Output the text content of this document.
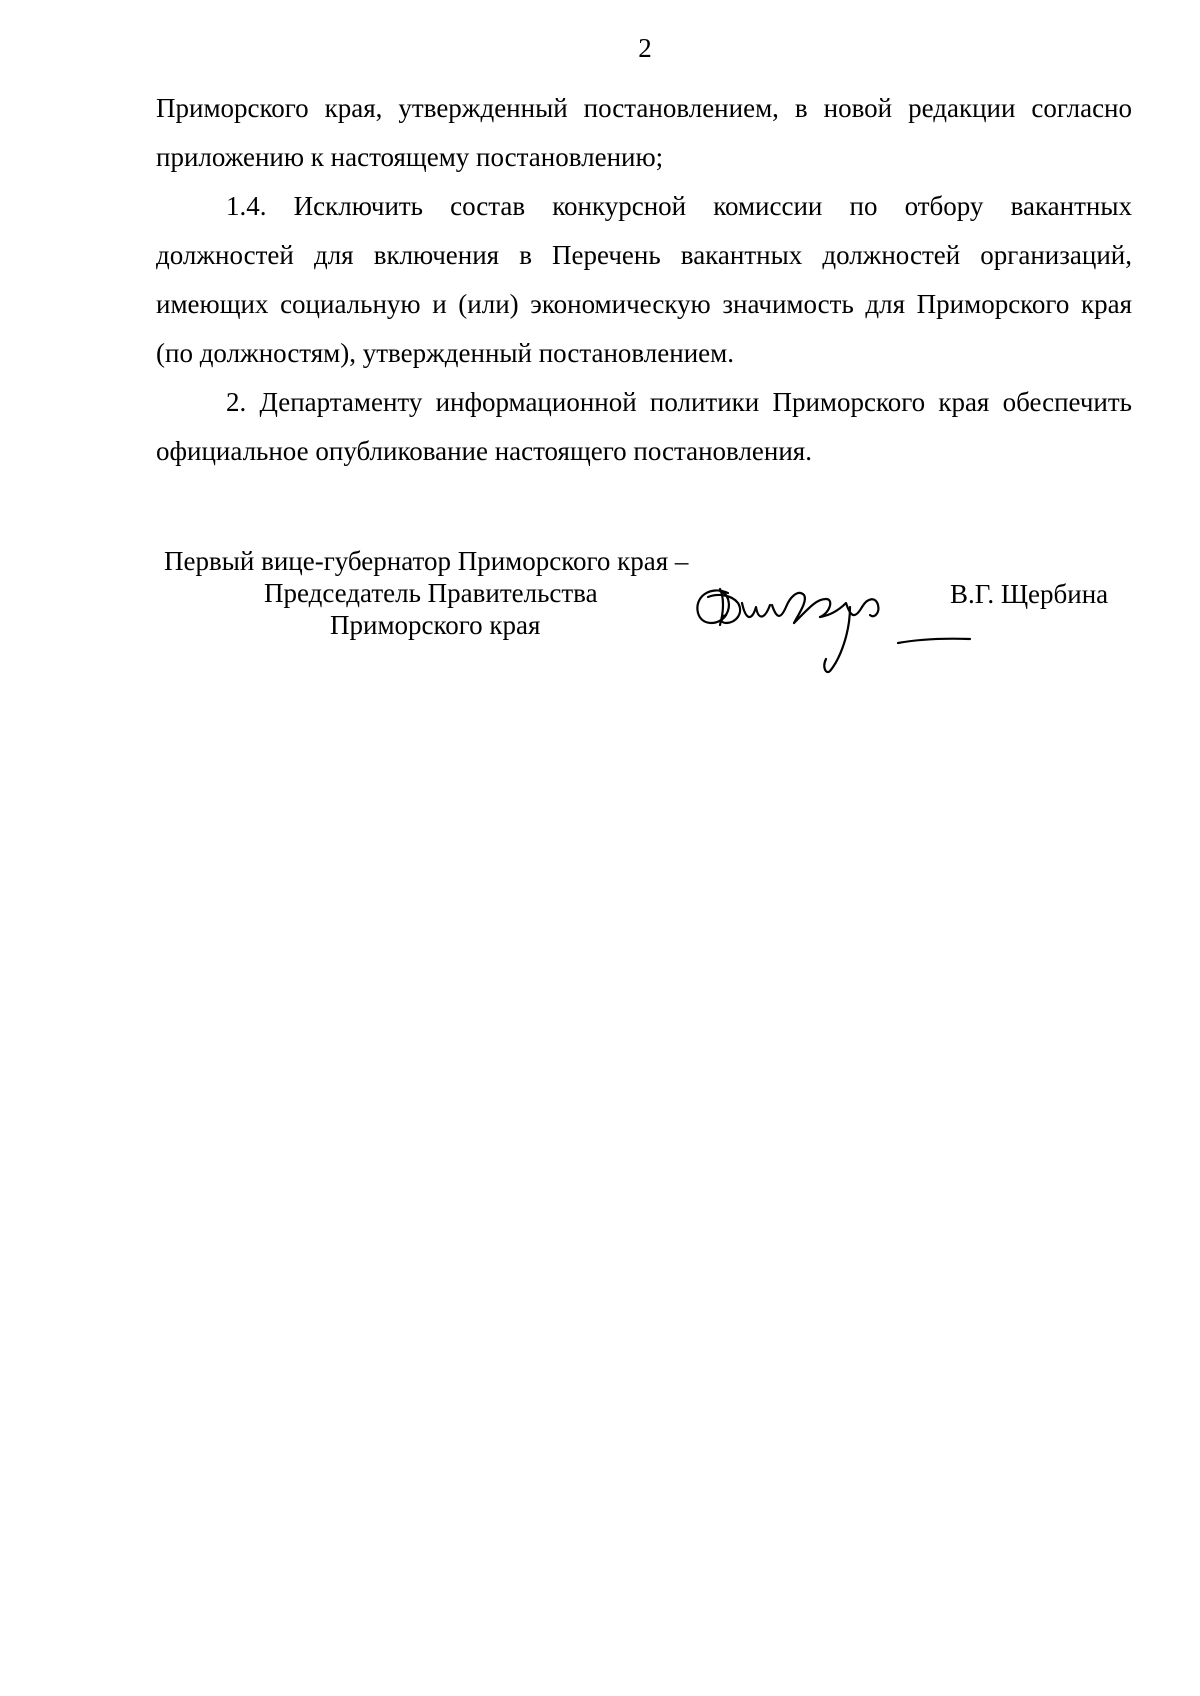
2

Приморского края, утвержденный постановлением, в новой редакции согласно приложению к настоящему постановлению;

1.4. Исключить состав конкурсной комиссии по отбору вакантных должностей для включения в Перечень вакантных должностей организаций, имеющих социальную и (или) экономическую значимость для Приморского края (по должностям), утвержденный постановлением.

2. Департаменту информационной политики Приморского края обеспечить официальное опубликование настоящего постановления.

Первый вице-губернатор Приморского края –
Председатель Правительства
Приморского края
В.Г. Щербина
